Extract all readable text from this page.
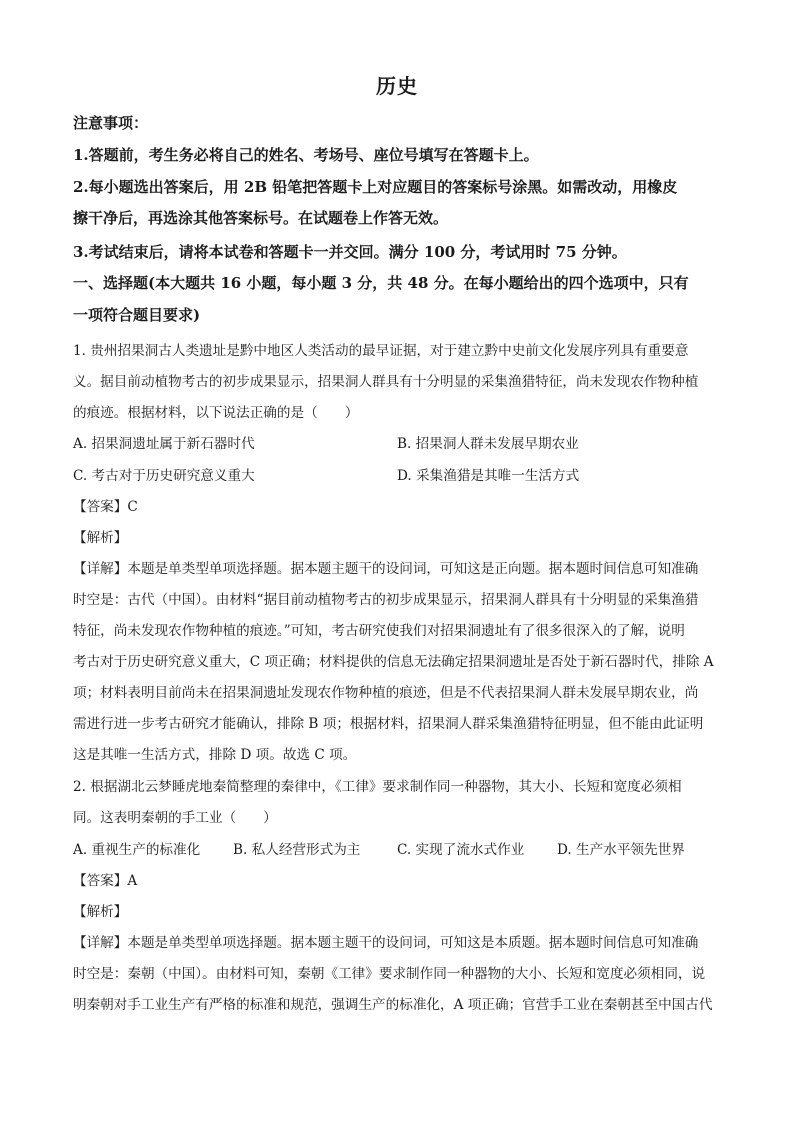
历史
注意事项：
1.答题前，考生务必将自己的姓名、考场号、座位号填写在答题卡上。
2.每小题选出答案后，用 2B 铅笔把答题卡上对应题目的答案标号涂黑。如需改动，用橡皮
擦干净后，再选涂其他答案标号。在试题卷上作答无效。
3.考试结束后，请将本试卷和答题卡一并交回。满分 100 分，考试用时 75 分钟。
一、选择题(本大题共 16 小题，每小题 3 分，共 48 分。在每小题给出的四个选项中，只有
一项符合题目要求)
1. 贵州招果洞古人类遗址是黔中地区人类活动的最早证据，对于建立黔中史前文化发展序列具有重要意
义。据目前动植物考古的初步成果显示，招果洞人群具有十分明显的采集渔猎特征，尚未发现农作物种植
的痕迹。根据材料，以下说法正确的是（　　）
A. 招果洞遗址属于新石器时代	B. 招果洞人群未发展早期农业
C. 考古对于历史研究意义重大	D. 采集渔猎是其唯一生活方式
【答案】C
【解析】
【详解】本题是单类型单项选择题。据本题主题干的设问词，可知这是正向题。据本题时间信息可知准确
时空是：古代（中国）。由材料“据目前动植物考古的初步成果显示，招果洞人群具有十分明显的采集渔猎
特征，尚未发现农作物种植的痕迹。”可知，考古研究使我们对招果洞遗址有了很多很深入的了解，说明
考古对于历史研究意义重大，C 项正确；材料提供的信息无法确定招果洞遗址是否处于新石器时代，排除 A
项；材料表明目前尚未在招果洞遗址发现农作物种植的痕迹，但是不代表招果洞人群未发展早期农业，尚
需进行进一步考古研究才能确认，排除 B 项；根据材料，招果洞人群采集渔猎特征明显，但不能由此证明
这是其唯一生活方式，排除 D 项。故选 C 项。
2. 根据湖北云梦睡虎地秦简整理的秦律中，《工律》要求制作同一种器物，其大小、长短和宽度必须相
同。这表明秦朝的手工业（　　）
A. 重视生产的标准化 B. 私人经营形式为主	C. 实现了流水式作业 D. 生产水平领先世界
【答案】A
【解析】
【详解】本题是单类型单项选择题。据本题主题干的设问词，可知这是本质题。据本题时间信息可知准确
时空是：秦朝（中国）。由材料可知，秦朝《工律》要求制作同一种器物的大小、长短和宽度必须相同，说
明秦朝对手工业生产有严格的标准和规范，强调生产的标准化，A 项正确；官营手工业在秦朝甚至中国古代
